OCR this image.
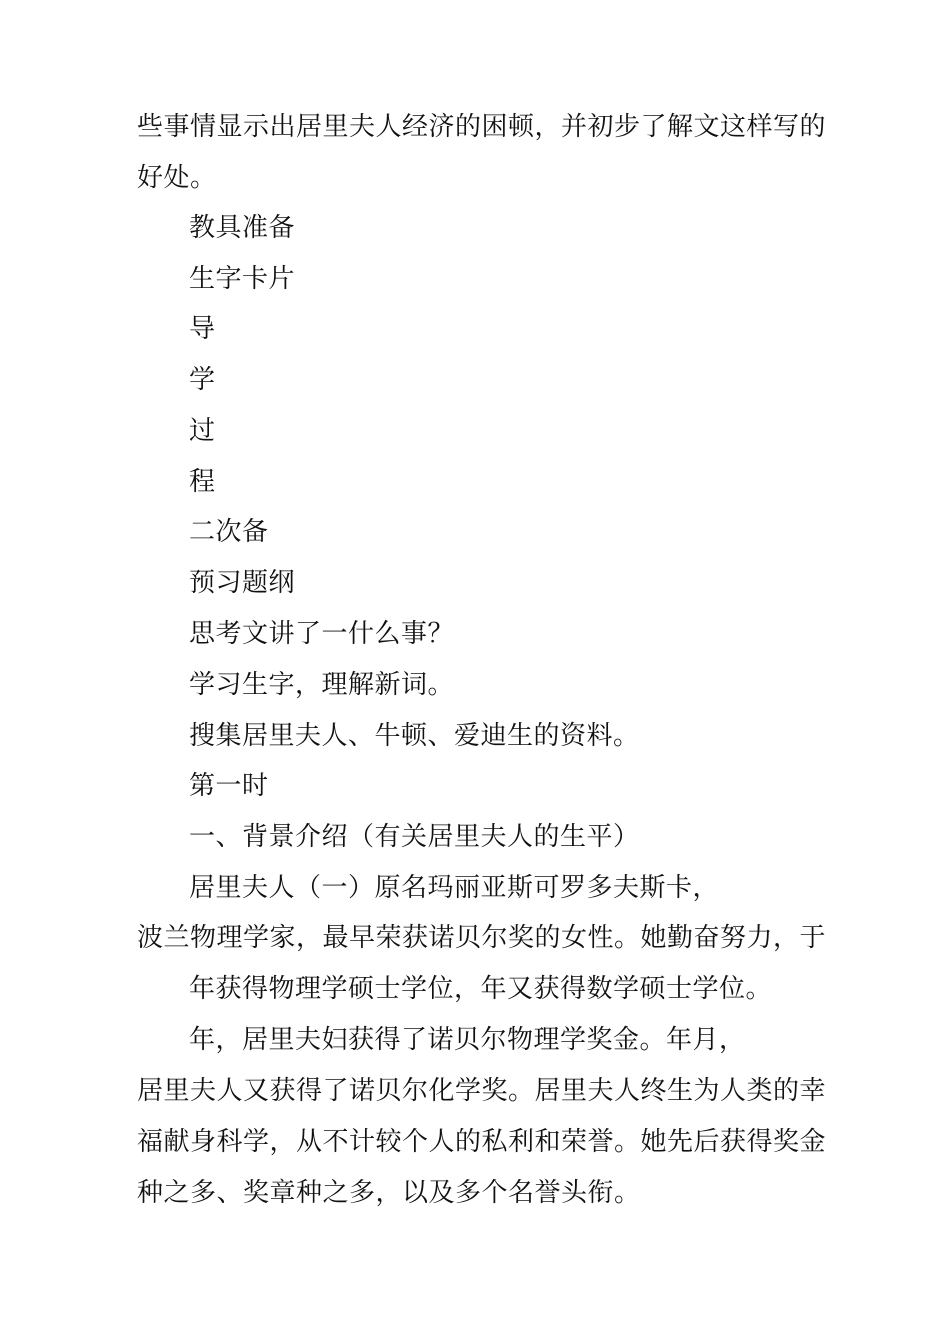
些事情显示出居里夫人经济的困顿，并初步了解文这样写的
好处。
教具准备
生字卡片
导
学
过
程
二次备
预习题纲
思考文讲了一什么事？
学习生字，理解新词。
搜集居里夫人、牛顿、爱迪生的资料。
第一时
一、背景介绍（有关居里夫人的生平）
居里夫人（一）原名玛丽亚斯可罗多夫斯卡，
波兰物理学家，最早荣获诺贝尔奖的女性。她勤奋努力，于
年获得物理学硕士学位，年又获得数学硕士学位。
年，居里夫妇获得了诺贝尔物理学奖金。年月，
居里夫人又获得了诺贝尔化学奖。居里夫人终生为人类的幸
福献身科学，从不计较个人的私利和荣誉。她先后获得奖金
种之多、奖章种之多，以及多个名誉头衔。
